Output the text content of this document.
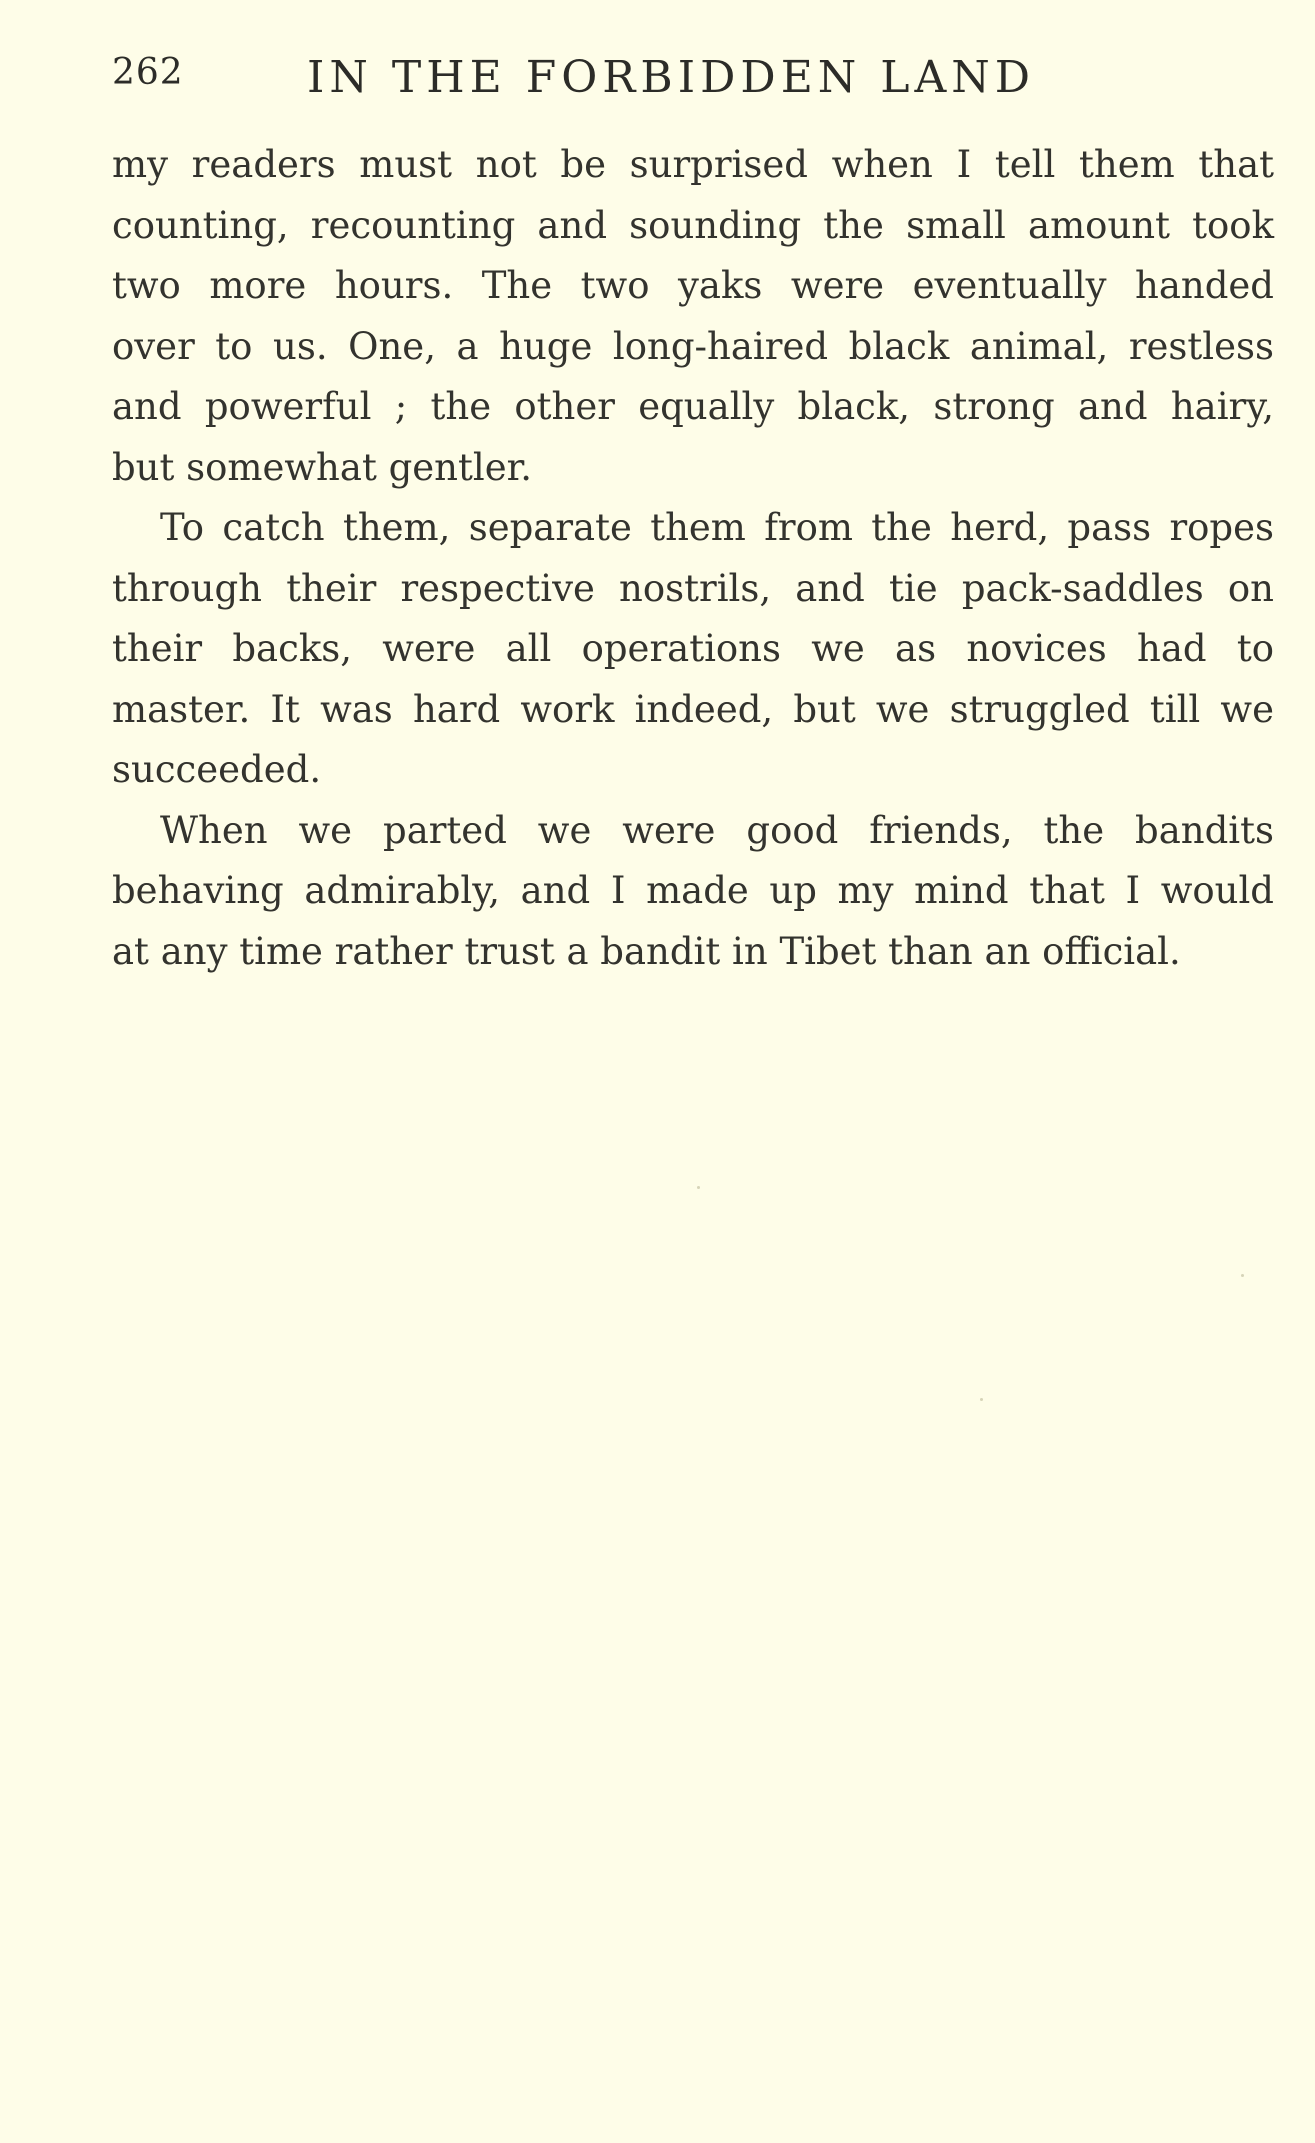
262	IN THE FORBIDDEN LAND
my readers must not be surprised when I tell them that
counting, recounting and sounding the small amount took
two more hours. The two yaks were eventually handed
over to us. One, a huge long-haired black animal, restless
and powerful ; the other equally black, strong and hairy,
but somewhat gentler.
To catch them, separate them from the herd, pass ropes
through their respective nostrils, and tie pack-saddles on
their backs, were all operations we as novices had to
master. It was hard work indeed, but we struggled till we
succeeded.
When we parted we were good friends, the bandits
behaving admirably, and I made up my mind that I would
at any time rather trust a bandit in Tibet than an official.
